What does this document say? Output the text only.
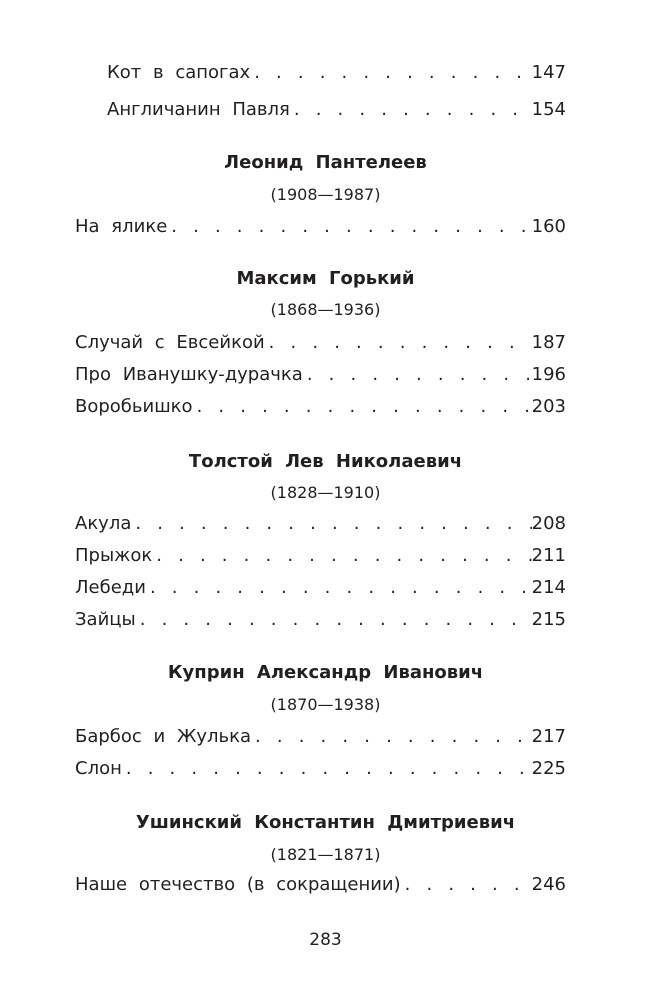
Кот в сапогах . . .	147
Англичанин Павля . . .	154
Леонид Пантелеев
(1908—1987)
На ялике . . .	160
Максим Горький
(1868—1936)
Случай с Евсейкой . . .	187
Про Иванушку-дурачка . . .	196
Воробьишко . . .	203
Толстой Лев Николаевич
(1828—1910)
Акула . . .	208
Прыжок . . .	211
Лебеди . . .	214
Зайцы . . .	215
Куприн Александр Иванович
(1870—1938)
Барбос и Жулька . . .	217
Слон . . .	225
Ушинский Константин Дмитриевич
(1821—1871)
Наше отечество (в сокращении) . . .	246
283
